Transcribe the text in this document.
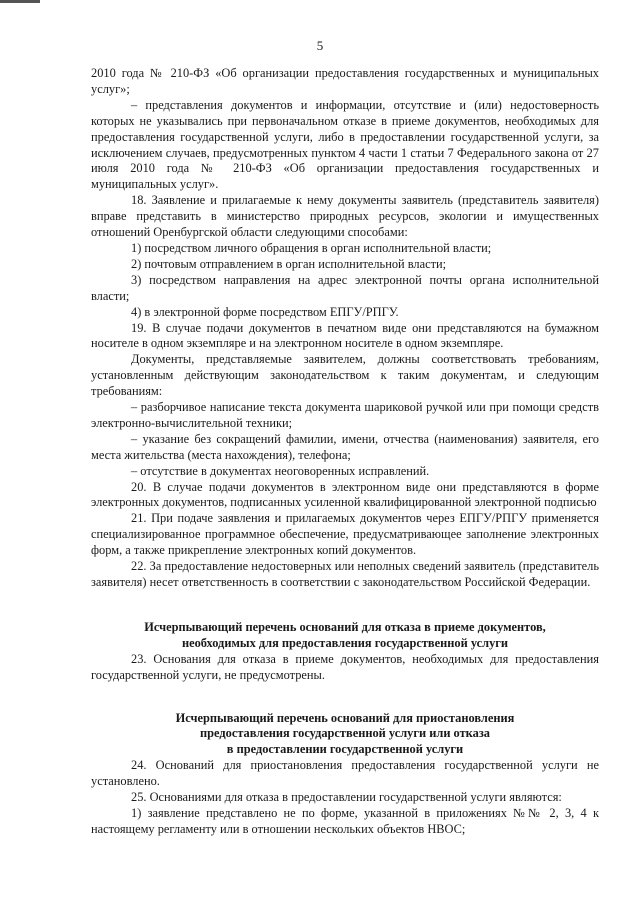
5

2010 года № 210-ФЗ «Об организации предоставления государственных и муниципальных услуг»;

– представления документов и информации, отсутствие и (или) недостоверность которых не указывались при первоначальном отказе в приеме документов, необходимых для предоставления государственной услуги, либо в предоставлении государственной услуги, за исключением случаев, предусмотренных пунктом 4 части 1 статьи 7 Федерального закона от 27 июля 2010 года № 210-ФЗ «Об организации предоставления государственных и муниципальных услуг».

18. Заявление и прилагаемые к нему документы заявитель (представитель заявителя) вправе представить в министерство природных ресурсов, экологии и имущественных отношений Оренбургской области следующими способами:

1) посредством личного обращения в орган исполнительной власти;

2) почтовым отправлением в орган исполнительной власти;

3) посредством направления на адрес электронной почты органа исполнительной власти;

4) в электронной форме посредством ЕПГУ/РПГУ.

19. В случае подачи документов в печатном виде они представляются на бумажном носителе в одном экземпляре и на электронном носителе в одном экземпляре.

Документы, представляемые заявителем, должны соответствовать требованиям, установленным действующим законодательством к таким документам, и следующим требованиям:

– разборчивое написание текста документа шариковой ручкой или при помощи средств электронно-вычислительной техники;

– указание без сокращений фамилии, имени, отчества (наименования) заявителя, его места жительства (места нахождения), телефона;

– отсутствие в документах неоговоренных исправлений.

20. В случае подачи документов в электронном виде они представляются в форме электронных документов, подписанных усиленной квалифицированной электронной подписью

21. При подаче заявления и прилагаемых документов через ЕПГУ/РПГУ применяется специализированное программное обеспечение, предусматривающее заполнение электронных форм, а также прикрепление электронных копий документов.

22. За предоставление недостоверных или неполных сведений заявитель (представитель заявителя) несет ответственность в соответствии с законодательством Российской Федерации.

Исчерпывающий перечень оснований для отказа в приеме документов,
необходимых для предоставления государственной услуги

23. Основания для отказа в приеме документов, необходимых для предоставления государственной услуги, не предусмотрены.

Исчерпывающий перечень оснований для приостановления
предоставления государственной услуги или отказа
в предоставлении государственной услуги

24. Оснований для приостановления предоставления государственной услуги не установлено.

25. Основаниями для отказа в предоставлении государственной услуги являются:

1) заявление представлено не по форме, указанной в приложениях №№ 2, 3, 4 к настоящему регламенту или в отношении нескольких объектов НВОС;
